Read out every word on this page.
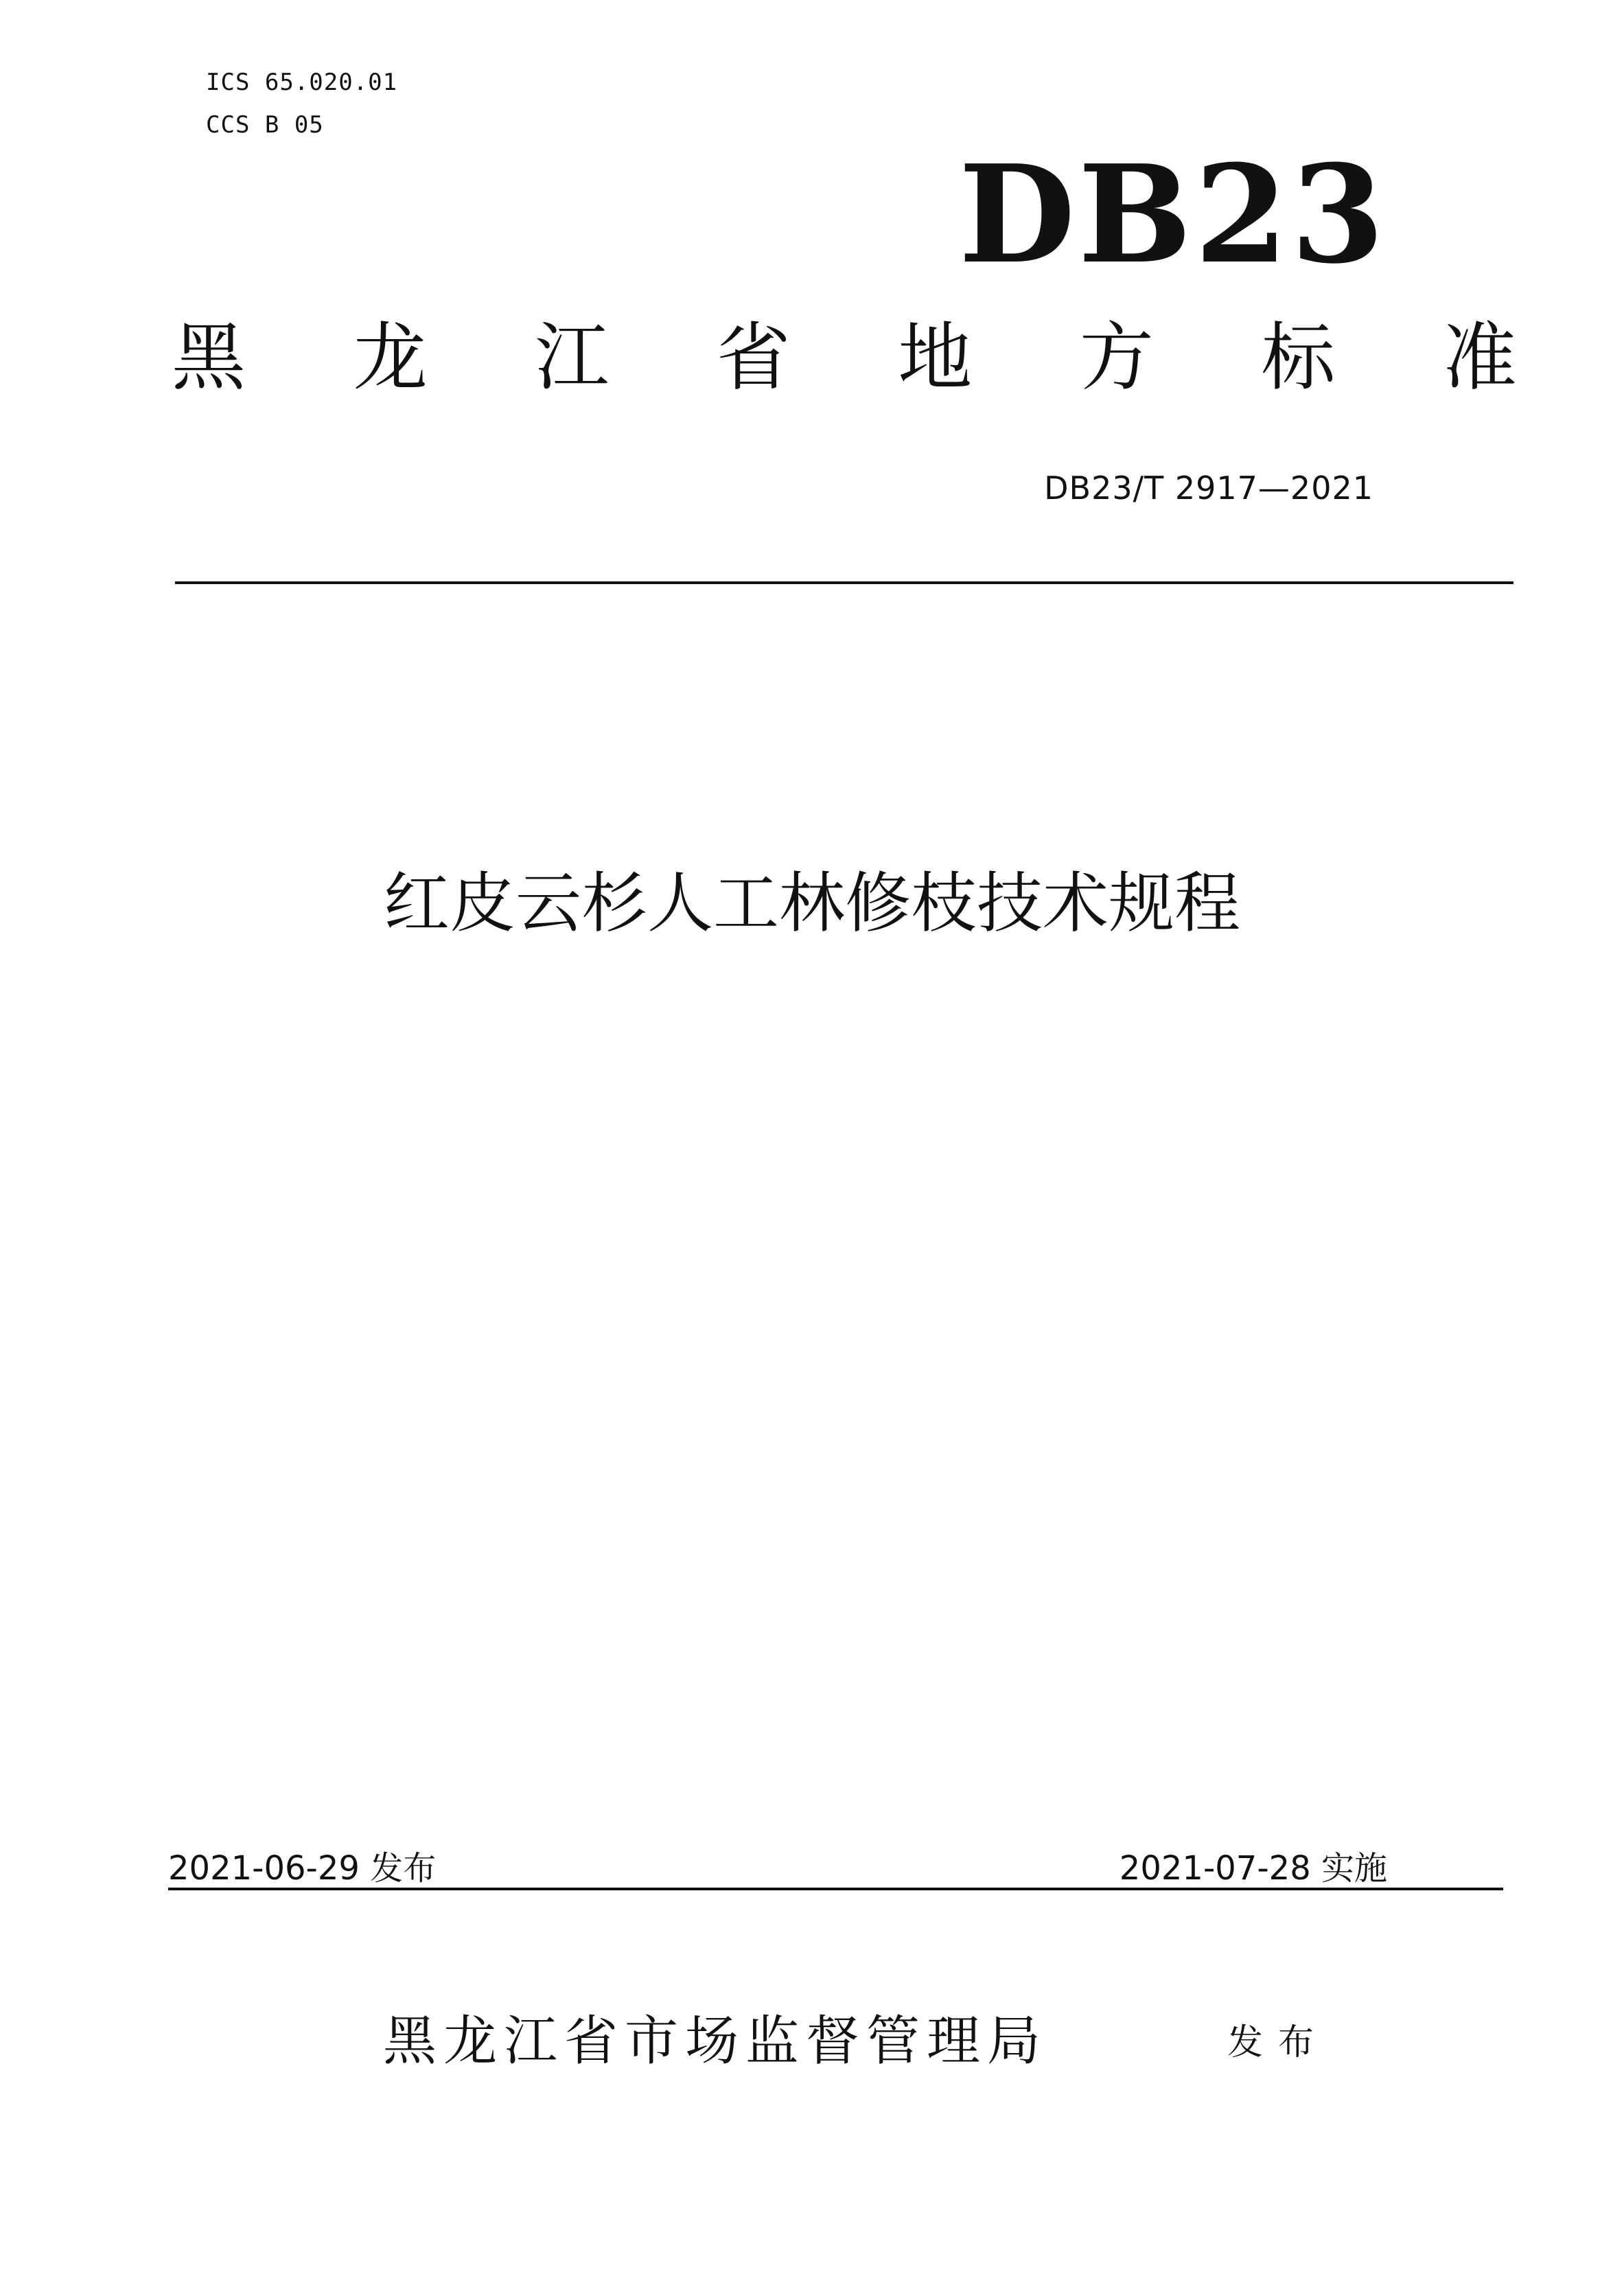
ICS 65.020.01
CCS B 05
DB23
黑 龙 江 省 地 方 标 准
DB23/T 2917—2021
红皮云杉人工林修枝技术规程
2021-06-29 发布	2021-07-28 实施
黑龙江省市场监督管理局	发布
